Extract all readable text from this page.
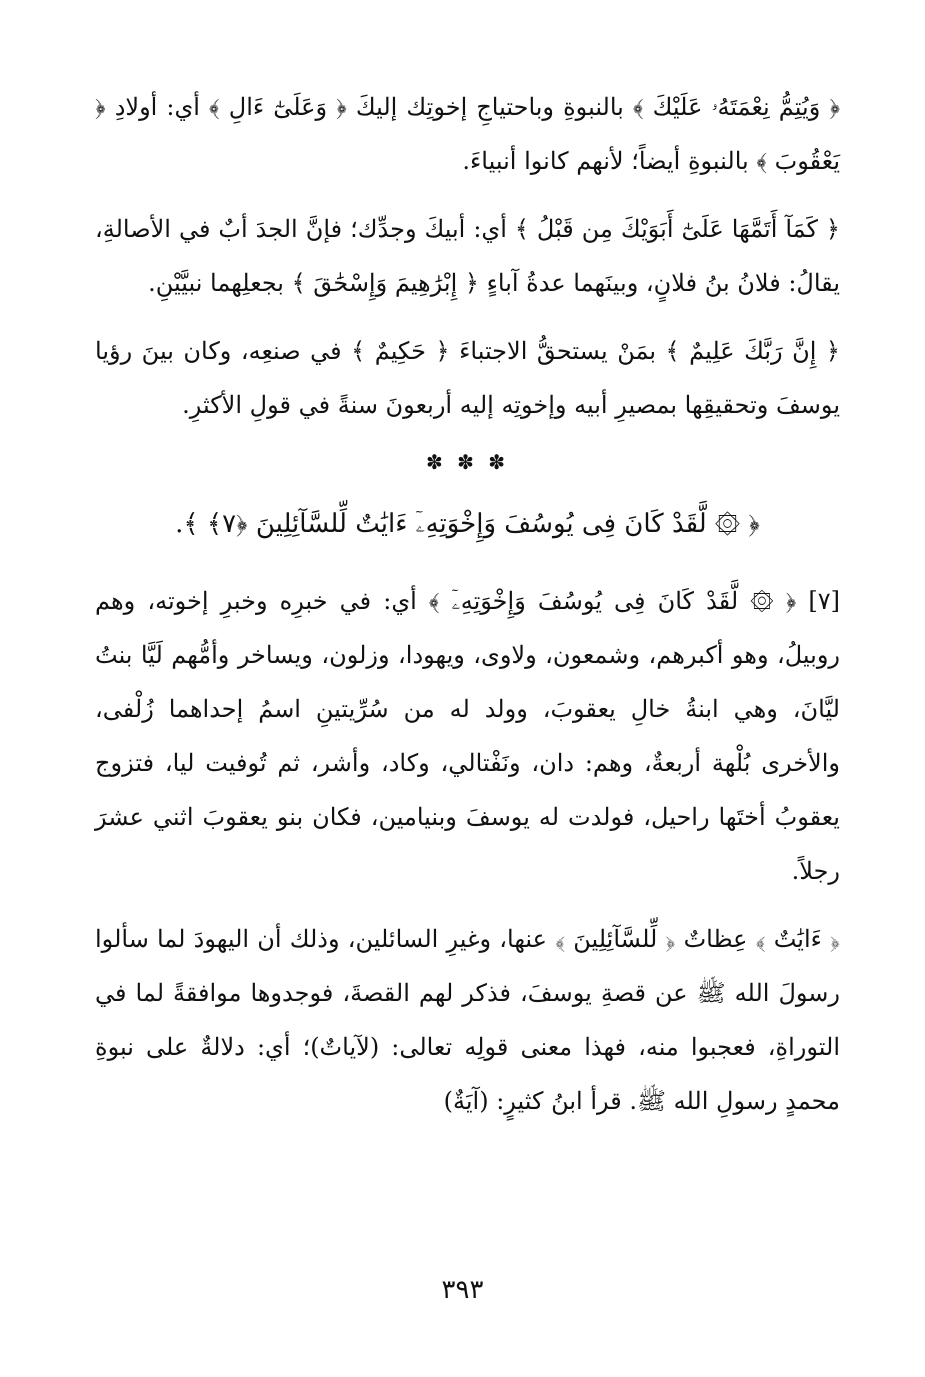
﴿ وَيُتِمُّ نِعْمَتَهُۥ عَلَيْكَ ﴾ بالنبوةِ وباحتياجِ إخوتِك إليكَ ﴿ وَعَلَىٰٓ ءَالِ ﴾ أي: أولادِ ﴿ يَعْقُوبَ ﴾ بالنبوةِ أيضاً؛ لأنهم كانوا أنبياءَ.

﴿ كَمَآ أَتَمَّهَا عَلَىٰٓ أَبَوَيْكَ مِن قَبْلُ ﴾ أي: أبيكَ وجدِّك؛ فإنَّ الجدَ أبٌ في الأصالةِ، يقالُ: فلانُ بنُ فلانٍ، وبينَهما عدةُ آباءٍ ﴿ إِبْرَٰهِيمَ وَإِسْحَٰقَ ﴾ بجعلِهما نبيَّيْنِ.

﴿ إِنَّ رَبَّكَ عَلِيمٌ ﴾ بمَنْ يستحقُّ الاجتباءَ ﴿ حَكِيمٌ ﴾ في صنعِه، وكان بينَ رؤيا يوسفَ وتحقيقِها بمصيرِ أبيه وإخوتِه إليه أربعونَ سنةً في قولِ الأكثرِ.

✽ ✽ ✽
﴿ ۞ لَّقَدْ كَانَ فِى يُوسُفَ وَإِخْوَتِهِۦٓ ءَايَٰتٌ لِّلسَّآئِلِينَ ﴿٧﴾ ﴾.

[٧] ﴿ ۞ لَّقَدْ كَانَ فِى يُوسُفَ وَإِخْوَتِهِۦٓ ﴾ أي: في خبرِه وخبرِ إخوته، وهم روبيلُ، وهو أكبرهم، وشمعون، ولاوى، ويهودا، وزلون، ويساخر وأمُّهم لَيَّا بنتُ ليَّانَ، وهي ابنةُ خالِ يعقوبَ، وولد له من سُرِّيتينِ اسمُ إحداهما زُلْفى، والأخرى بُلْهة أربعةٌ، وهم: دان، ونَفْتالي، وكاد، وأشر، ثم تُوفيت ليا، فتزوج يعقوبُ أختَها راحيل، فولدت له يوسفَ وبنيامين، فكان بنو يعقوبَ اثني عشرَ رجلاً.

﴿ ءَايَٰتٌ ﴾ عِظاتٌ ﴿ لِّلسَّآئِلِينَ ﴾ عنها، وغيرِ السائلين، وذلك أن اليهودَ لما سألوا رسولَ الله ﷺ عن قصةِ يوسفَ، فذكر لهم القصةَ، فوجدوها موافقةً لما في التوراةِ، فعجبوا منه، فهذا معنى قولِه تعالى: (لآياتٌ)؛ أي: دلالةٌ على نبوةِ محمدٍ رسولِ الله ﷺ. قرأ ابنُ كثيرٍ: (آيَةٌ)

٣٩٣
